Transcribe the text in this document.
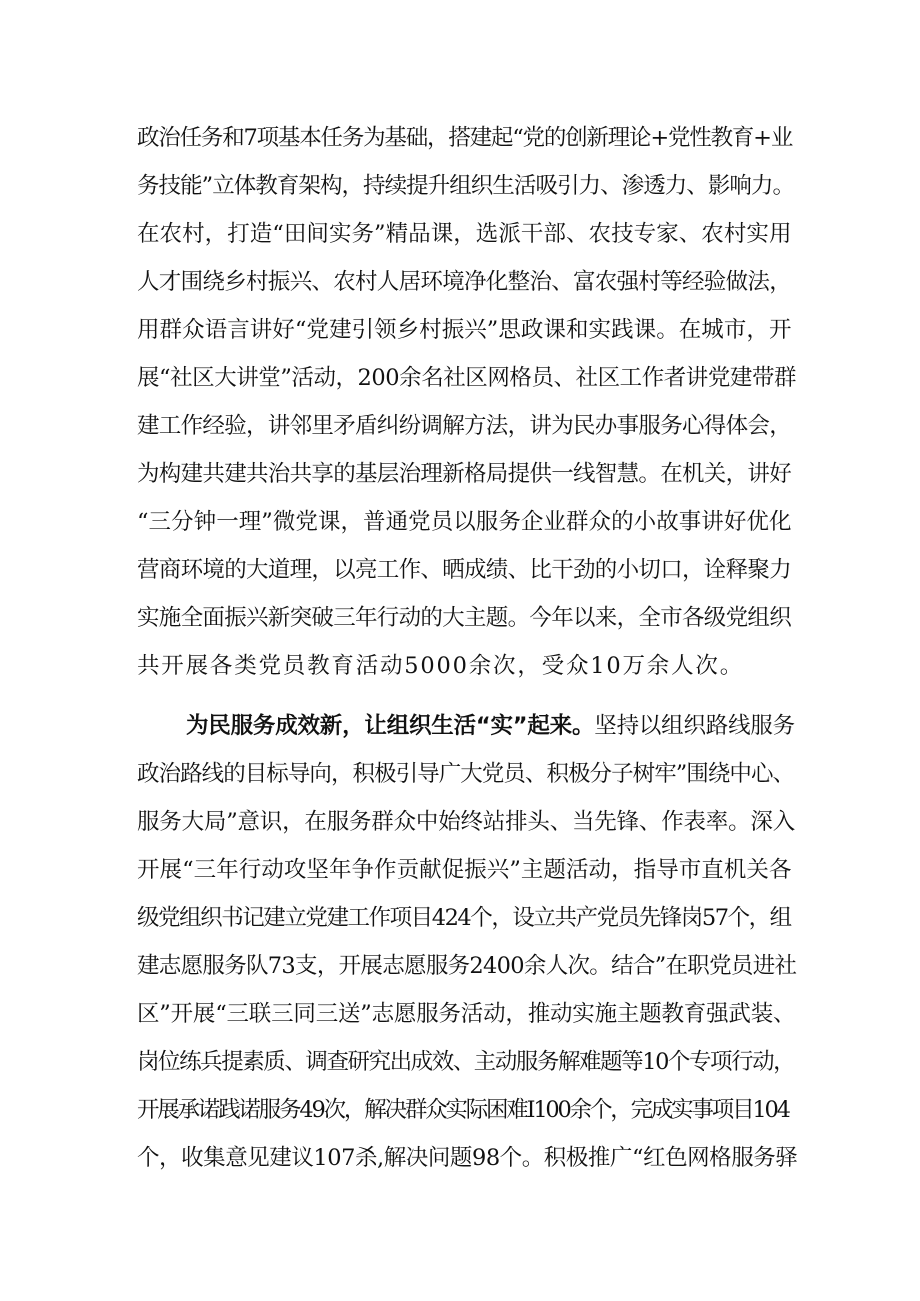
政治任务和7项基本任务为基础，搭建起“党的创新理论+党性教育+业
务技能”立体教育架构，持续提升组织生活吸引力、渗透力、影响力。
在农村，打造“田间实务”精品课，选派干部、农技专家、农村实用
人才围绕乡村振兴、农村人居环境净化整治、富农强村等经验做法，
用群众语言讲好“党建引领乡村振兴”思政课和实践课。在城市，开
展“社区大讲堂”活动，200余名社区网格员、社区工作者讲党建带群
建工作经验，讲邻里矛盾纠纷调解方法，讲为民办事服务心得体会，
为构建共建共治共享的基层治理新格局提供一线智慧。在机关，讲好
“三分钟一理”微党课，普通党员以服务企业群众的小故事讲好优化
营商环境的大道理，以亮工作、晒成绩、比干劲的小切口，诠释聚力
实施全面振兴新突破三年行动的大主题。今年以来，全市各级党组织
共开展各类党员教育活动5000余次，受众10万余人次。
为民服务成效新，让组织生活“实”起来。坚持以组织路线服务
政治路线的目标导向，积极引导广大党员、积极分子树牢”围绕中心、
服务大局”意识，在服务群众中始终站排头、当先锋、作表率。深入
开展“三年行动攻坚年争作贡献促振兴”主题活动，指导市直机关各
级党组织书记建立党建工作项目424个，设立共产党员先锋岗57个，组
建志愿服务队73支，开展志愿服务2400余人次。结合”在职党员进社
区”开展“三联三同三送”志愿服务活动，推动实施主题教育强武装、
岗位练兵提素质、调查研究出成效、主动服务解难题等10个专项行动，
开展承诺践诺服务49次，解决群众实际困难I100余个，完成实事项目104
个，收集意见建议107杀,解决问题98个。积极推广“红色网格服务驿
